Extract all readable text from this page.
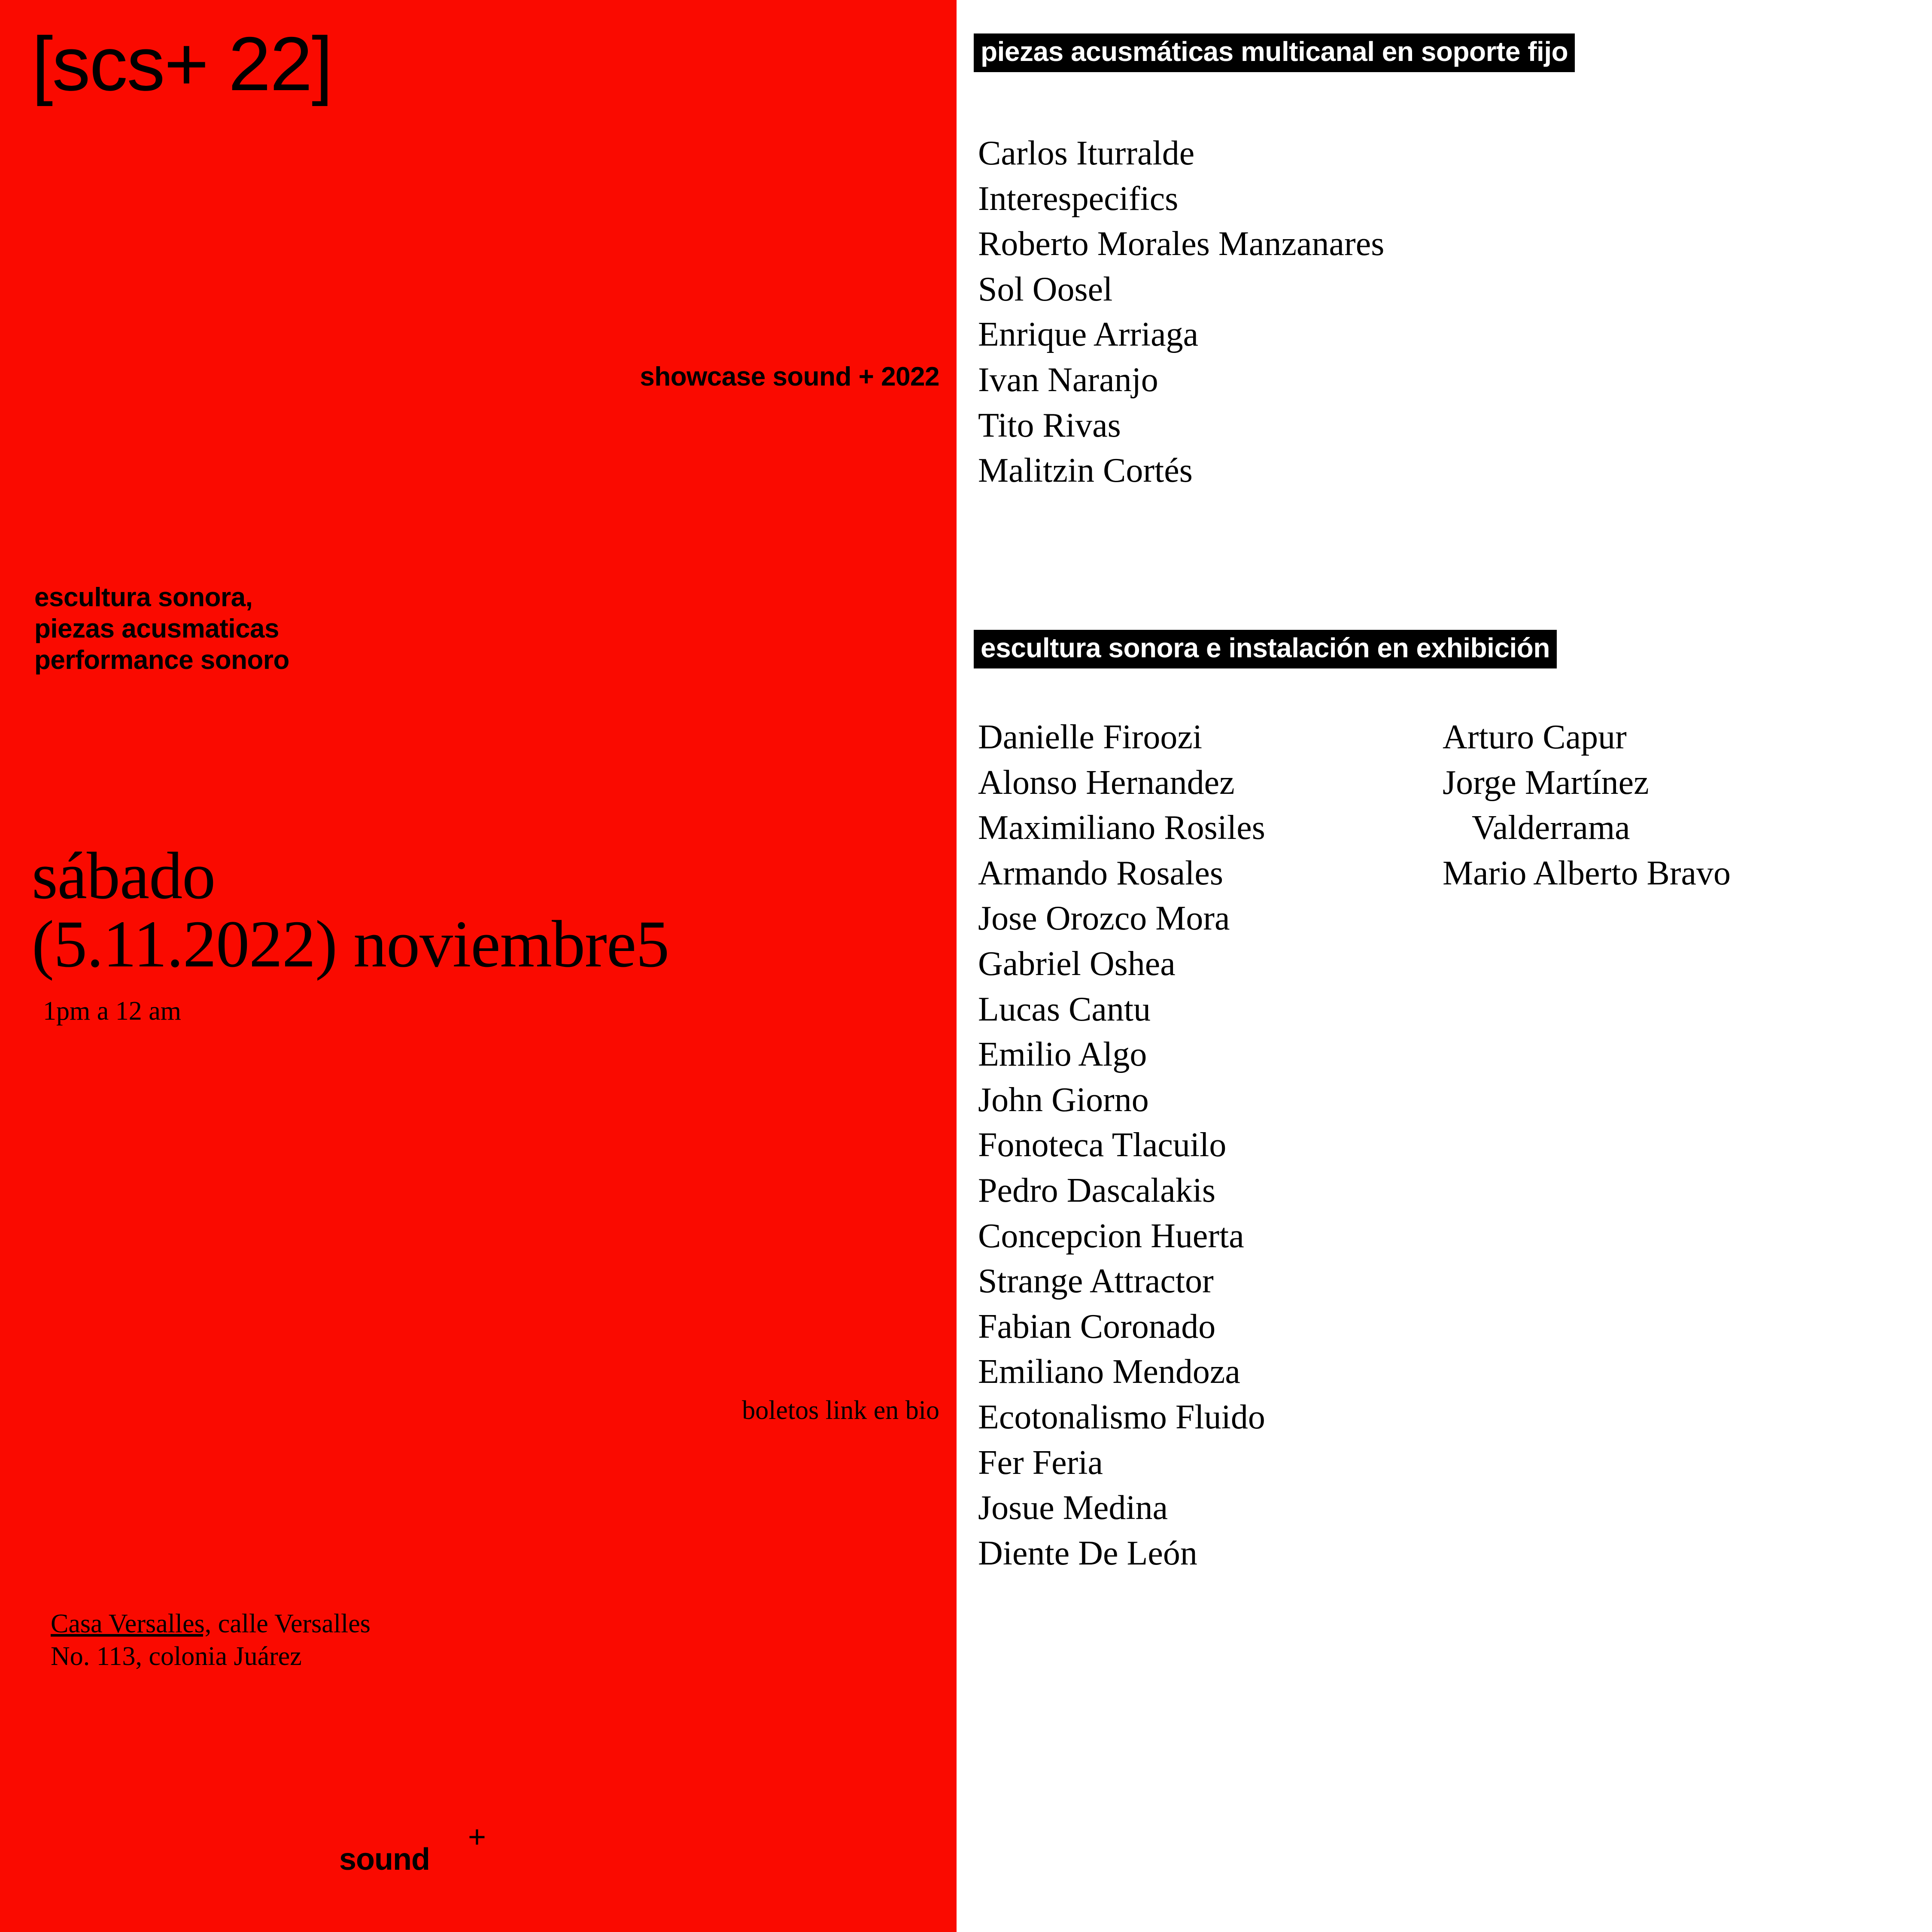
[scs+ 22]
showcase sound + 2022
escultura sonora,
piezas acusmaticas
performance sonoro
sábado
(5.11.2022) noviembre5
1pm a 12 am
boletos link en bio
Casa Versalles, calle Versalles
No. 113, colonia Juárez
sound
+
piezas acusmáticas multicanal en soporte fijo
Carlos Iturralde
Interespecifics
Roberto Morales Manzanares
Sol Oosel
Enrique Arriaga
Ivan Naranjo
Tito Rivas
Malitzin Cortés
escultura sonora e instalación en exhibición
Danielle Firoozi
Alonso Hernandez
Maximiliano Rosiles
Armando Rosales
Jose Orozco Mora
Gabriel Oshea
Lucas Cantu
Emilio Algo
John Giorno
Fonoteca Tlacuilo
Pedro Dascalakis
Concepcion Huerta
Strange Attractor
Fabian Coronado
Emiliano Mendoza
Ecotonalismo Fluido
Fer Feria
Josue Medina
Diente De León
Arturo Capur
Jorge Martínez
Valderrama
Mario Alberto Bravo
